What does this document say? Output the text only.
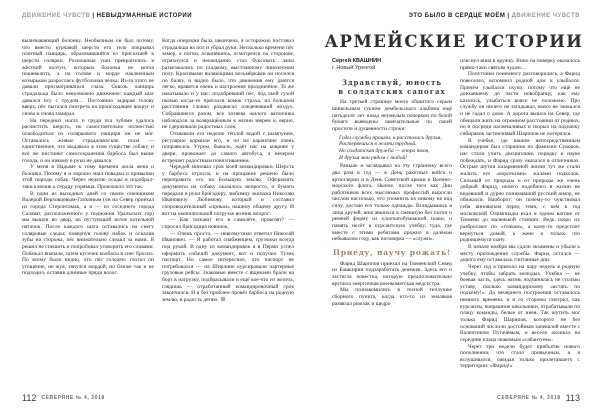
ДВИЖЕНИЕ ЧУВСТВ | НЕВЫДУМАННЫЕ ИСТОРИИ

вылизывающий болонку. Необычным он был потому, что вместо курчавой шерсти его тело покрывал плотный панцирь, образовавшийся из присохшей к шерсти солярки. Роскошные уши превратились в жёсткий колтун, которым болонка не могла пошевелить, а на голове и морде наклеенным козырьком разрослась футбольная чёлка. Из-за этого не давали просматриваться глаза. Сквозь панцирь страдальца было невозможно движение: каждый шаг давался псу с трудом… Постоянно задирая голову вверх, пёс пытался смотреть на происходящее вокруг и снова и снова замирал.

На передних ногах и груди пса зубами удалось расчистить шерсть, но самостоятельно полностью освободиться из соляркового панциря он не мог. Оставались живые страдальческие глаза — единственное, что выдавало в этом существе собаку, и всё же инстинкт самосохранения барбоса был выше голода, и он никому в руки не давался.

У меня в Надыме к тому времени жила жена и болонка. Потому я и хорошо знал повадки и привычки этой породы собак. Через неделю осады я подобрал-таки ключик к сердцу упрямца. Произошло это так.

В один из выходных дней со своим сменщиком Валерой Верховцевым-Галкиным (он на Север приехал из города Стерлитамак, а я — из соседнего города Салават, расположенного у подножия Уральских гор) мы вышли во двор, на пустующий возле котельной пятачок. После каждого шага оставались на снегу соляровые следы; повернув голову набок и оскалив зубы на сторожа, пёс внимательно следил за нами. Я решил не спешить и попробовал уговорить его словами. Побежал вначале, затем кусочек колбасы в снег бросил. По всему было видно, что пёс голоден: глотал он угощение, не жуя, тянулся мордой, но ближе так и не подходил, оставив длинные пряди волос.

Когда операция была закончена, я осторожно поставил страдальца на пол и убрал руки. Несколько времени пёс замер, а потом, освоившись, осмотрелся по сторонам, отряхнулся и неожиданно стал буксовать: лапы разъезжались по гладкому, выстланному линолеумом полу. Красивыми виляющими восьмёрками он носился по балку, и видно было, что движения ему даются легко, нравятся очень и настроение праздничное. То же накатывало и у нас: подобревший пёс, под чьей сухой пылью когда-то прятался комок страха, на большом расстоянии словно раздвигал оледеневший воздух. Собравшиеся разом, все хозяева жилого вагончика наблюдали за возвращённым к жизни зверем и, верно, не сдерживали радостных слов.

Отмывали его неделю тёплой водой с шампунем, регулярно кормили его, и он на карантине очень поправился. Утром, бывало, ждёт нас на коврике у двери, провожает до самого автобуса, а вечером встречает радостным повизгиванием.

Чередой миновал срок моей командировки. Шерсть у барбоса отросла, и на прощание решено было переправить его на Большую землю. Оформлять документы на собаку оказалось непросто, и бумаги передали в руки бригадиру, любимцу экипажа Николаю Ивановичу Любимову, который и составил сопроводительный «приказ» нашему общему другу. И вот на окончательной погрузке возник вопрос:

— Как таскают его в самолёте, провозят? — спросил бригадира новичок.

— Очень просто, — невозмутимо ответил Николай Иванович. — Я работал снабженцем, грузчики всегда под рукой. В одну из командировок я в Перми успел оформить собачий документ, вот и получил Тузик паспорт. Но самое интересное, что паспорт не потребовался — на Ширлине курсировали чартерные грузовые рейсы. Знакомые вместе с ящиками брали на борт в нагрузку, подбрасывали и ещё кое-что из железа, глядишь — отработанный командировочный срок закончился. И я без проблем провёз барбоса на родную землю, в радость детям.

112 СЕВЕРЯНЕ № 4, 2018
ЭТО БЫЛО В СЕРДЦЕ МОЁМ | ДВИЖЕНИЕ ЧУВСТВ
АРМЕЙСКИЕ ИСТОРИИ
Сергей КВАШНИН
г. Новый Уренгой
Здравствуй, юность
в солдатских сапогах

На третьей странице моего обшитого серым шинельным сукном дембельского альбома ещё пятьдесят лет назад неумелым почерком по белой бумаге выведены замечательные по своей простоте и душевности строки:

Годы службы прошли, и расстались друзья,
Растеряешься в жизни трудной.
Но солдатская дружба — опора твоя,
И друзья мои рядом с тобой!

Раньше я заглядывал на эту страничку всего два раза в год — в День ракетных войск и артиллерии и в День Советской армии и Военно-морского флота. Нынче, после того как Дни работников всех мыслимых профессий выросли числом настолько, что упомнить их никому не под силу, достаю его только однажды. Вглядываюсь в лица друзей, вписавшихся в смешную без погон и ремней форму из хлопчатобумажной ткани, и память несёт в курсантскую учебку, туда, где вместе с этими ребятами прожил в далёком небывалом году, как поговорка — «служи».

Приеду, научу рожать!

Фарид Шарипов приехал на Тюменский Север из Башкирии подзаработать денежек. Здесь его и застигла повестка, которую предположительно вручила энергичная военкоматская медсестра.

Мы познакомились в тесной теплушке сборного пункта, когда кто-то из земляков развязал рюкзак и щедро

плеснул вина в кружку. Вино на поверку оказалось прямо-таки святым чудом…

Попутчики понемногу разговорились, а Фарид повеселел, вспомнил родной дом и улыбался. Причём улыбался скупо: потому что ещё не доехавшему до части новобранцу, как ему казалось, улыбаться вовсе не положено. Про службу он ничего не загадывал, вовсе не заикался и не гадал о доме. А дорога вышла на Север, где обещали жить на огромном расстоянии от родных, но и посреди насмешливых и скорых на подначку сибиряков застенчивый Шарипов не потерялся.

В учебке, где нашим непосредственным командиром был старшина по фамилии Суворов, нас стали учить дисциплине, порядку и науке побеждать, и Фарид сразу оказался в отличниках. Острые шутки казарменной жизни тут же стали жалить его «короткими» жалами подколок. Сильный от природы и от природы же очень добрый Фарид, ничего подобного в жизни не видевший и дурно понимавший русский юмор, не обижался. Наоборот: он почему-то чувствовал себя виноватым перед теми, с кем в год московской Олимпиады ехал в одном вагоне от Тюмени до маленькой станции. Ведь скоро их разбросают по «точкам», а кому-то предстоит вернуться домой, к жене и только что родившемуся сыну.

В начале ноября мы сдали экзамены и убыли к месту прохождения службы. Фарид остался — дорога ему оставалась считанные дни.

Через год я приехал на пару недель в родную учебку, чтобы забрать молодых. Учебка — не боевая часть, здесь жизнь подчинялась не столько уставу, сколько командирскому «встать по подъёму!». До вечернего построения оставалось немного времени, и я со стороны смотрел, как курсанты, вчерашние школьники, отрабатывали по плацу команды, белые от инея. Так шутить мог только Фарид Шарипов, которого не без оснований числили достойным запевалой вместе с Валентином Пугачёвым, и весело окликал на середине плаца знакомым «сабантуем».

Через три недели будет прибытие нового пополнения, что стало привычным, и я вслушивался, ожидая только прилетавшего с территории: «Фарид!»

СЕВЕРЯНЕ № 4, 2018 113
